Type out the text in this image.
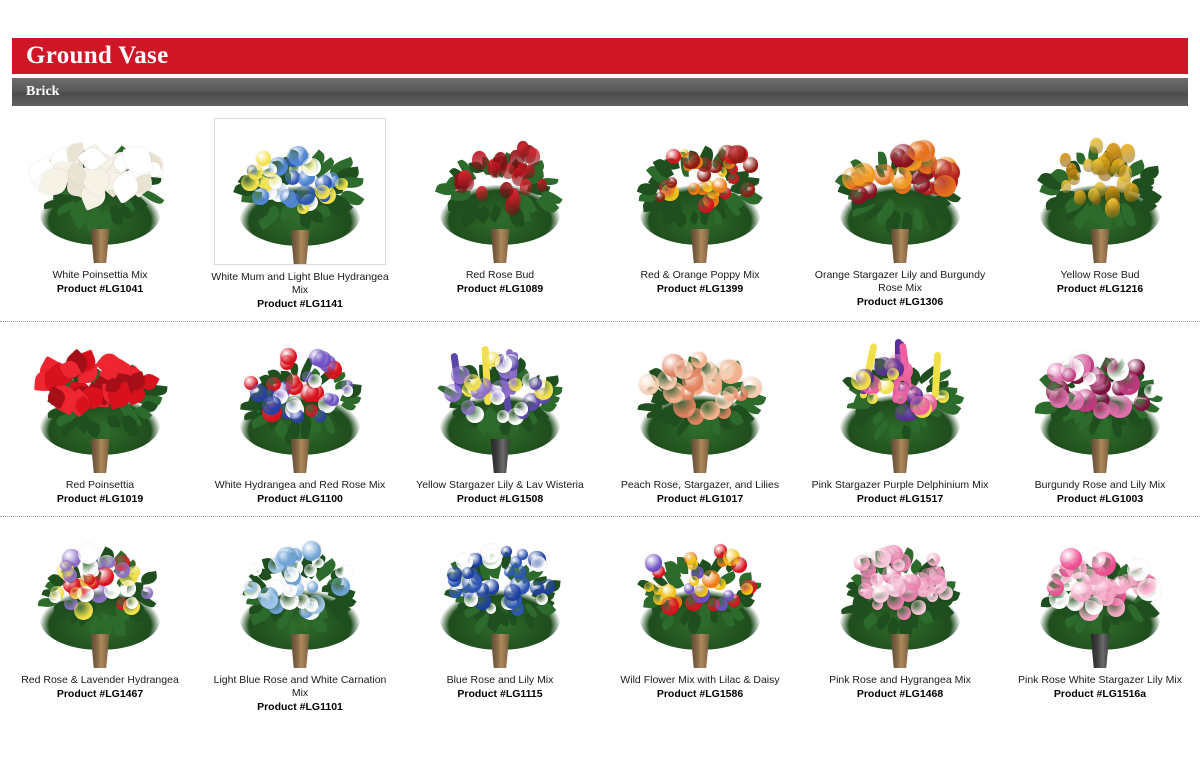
Ground Vase
Brick
White Poinsettia Mix
Product #LG1041
White Mum and Light Blue Hydrangea Mix
Product #LG1141
Red Rose Bud
Product #LG1089
Red & Orange Poppy Mix
Product #LG1399
Orange Stargazer Lily and Burgundy Rose Mix
Product #LG1306
Yellow Rose Bud
Product #LG1216
Red Poinsettia
Product #LG1019
White Hydrangea and Red Rose Mix
Product #LG1100
Yellow Stargazer Lily & Lav Wisteria
Product #LG1508
Peach Rose, Stargazer, and Lilies
Product #LG1017
Pink Stargazer Purple Delphinium Mix
Product #LG1517
Burgundy Rose and Lily Mix
Product #LG1003
Red Rose & Lavender Hydrangea
Product #LG1467
Light Blue Rose and White Carnation Mix
Product #LG1101
Blue Rose and Lily Mix
Product #LG1115
Wild Flower Mix with Lilac & Daisy
Product #LG1586
Pink Rose and Hygrangea Mix
Product #LG1468
Pink Rose White Stargazer Lily Mix
Product #LG1516a
